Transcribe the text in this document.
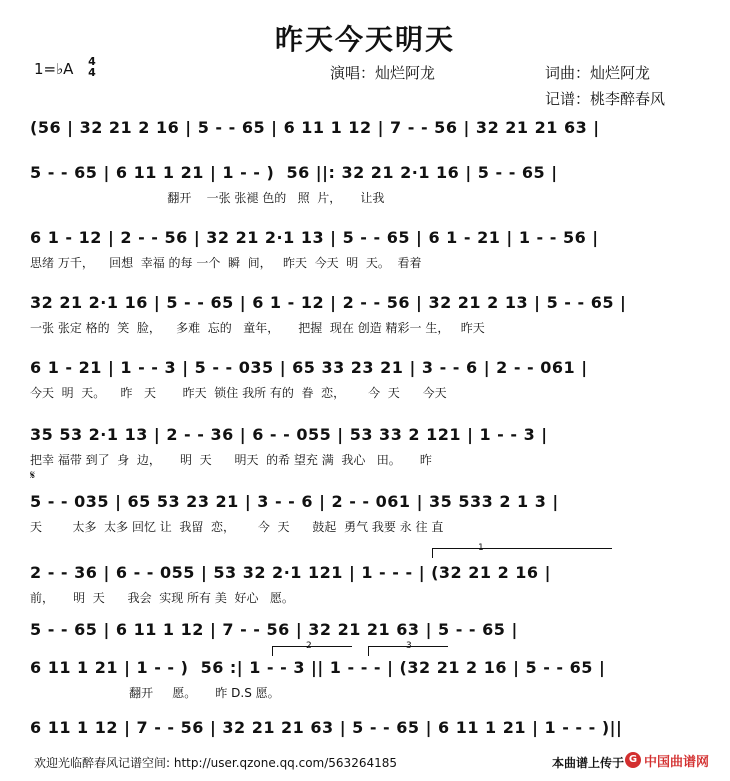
昨天今天明天
1=♭A 4
4	演唱：灿烂阿龙	词曲：灿烂阿龙
记谱：桃李醉春风
(56 | 32 21 2 16 | 5 - - 65 | 6 11 1 12 | 7 - - 56 | 32 21 21 63 |
5 - - 65 | 6 11 1 21 | 1 - - )  56 ||: 32 21 2·1 16 | 5 - - 65 |
翻开    一张 张褪 色的   照  片，     让我
6 1 - 12 | 2 - - 56 | 32 21 2·1 13 | 5 - - 65 | 6 1 - 21 | 1 - - 56 |
思绪 万千，    回想  幸福 的每 一个  瞬  间，   昨天  今天  明  天。  看着
32 21 2·1 16 | 5 - - 65 | 6 1 - 12 | 2 - - 56 | 32 21 2 13 | 5 - - 65 |
一张 张定 格的  笑  脸，    多难  忘的   童年，     把握  现在 创造 精彩一 生，   昨天
6 1 - 21 | 1 - - 3 | 5 - - 035 | 65 33 23 21 | 3 - - 6 | 2 - - 061 |
今天  明  天。    昨   天       昨天  锁住 我所 有的  眷  恋，      今  天      今天
35 53 2·1 13 | 2 - - 36 | 6 - - 055 | 53 33 2 121 | 1 - - 3 |
把幸 福带 到了  身  边，     明  天      明天  的希 望充 满  我心   田。     昨
𝄋
5 - - 035 | 65 53 23 21 | 3 - - 6 | 2 - - 061 | 35 533 2 1 3 |
天        太多  太多 回忆 让  我留  恋，      今  天      鼓起  勇气 我要 永 往 直
1
2 - - 36 | 6 - - 055 | 53 32 2·1 121 | 1 - - - | (32 21 2 16 |
前，     明  天      我会  实现 所有 美  好心   愿。
5 - - 65 | 6 11 1 12 | 7 - - 56 | 32 21 21 63 | 5 - - 65 |
2	3
6 11 1 21 | 1 - - )  56 :| 1 - - 3 || 1 - - - | (32 21 2 16 | 5 - - 65 |
翻开     愿。     昨 D.S 愿。
6 11 1 12 | 7 - - 56 | 32 21 21 63 | 5 - - 65 | 6 11 1 21 | 1 - - - )||
欢迎光临醉春风记谱空间: http://user.qzone.qq.com/563264185	本曲谱上传于 G 中国曲谱网
